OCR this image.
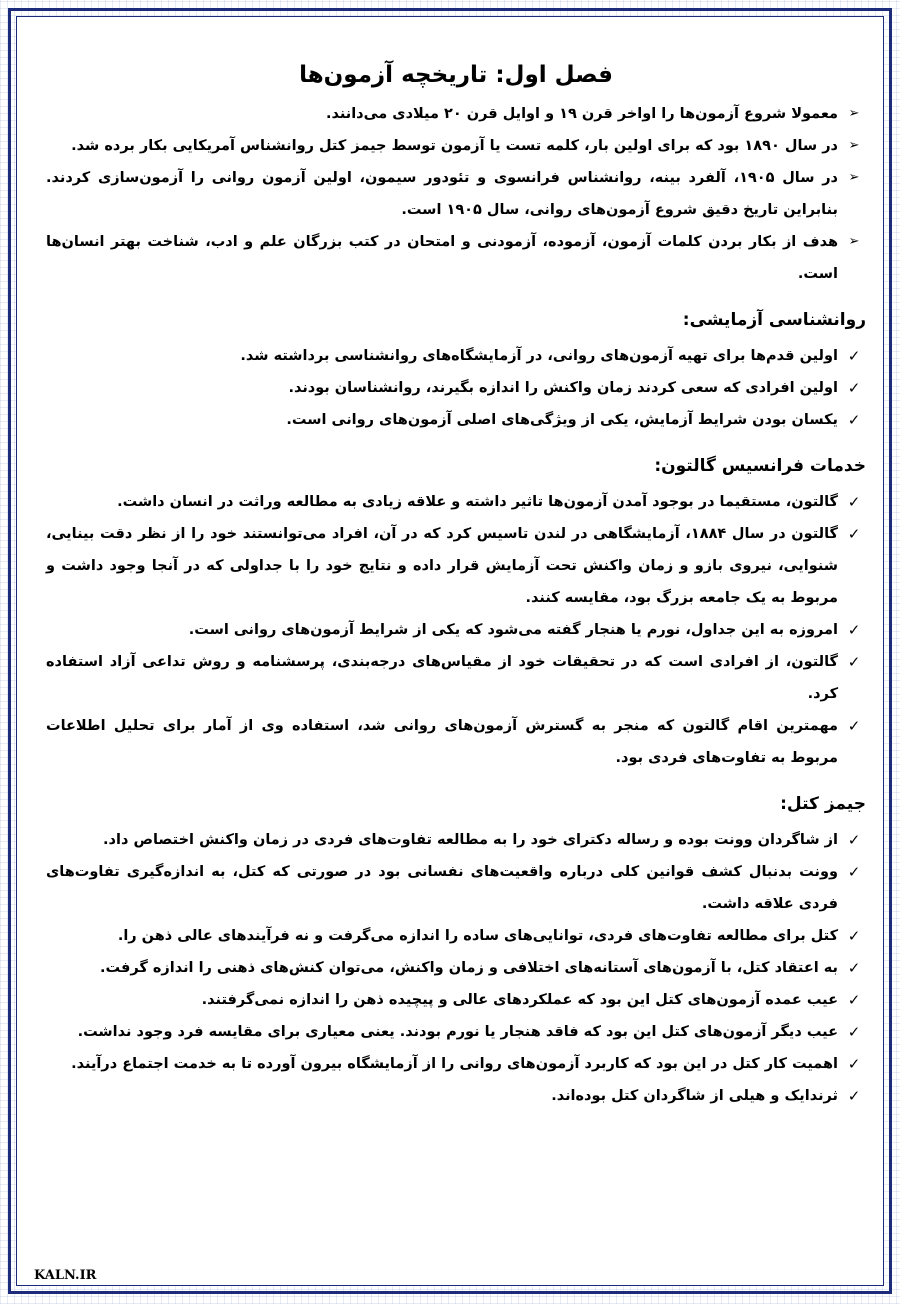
فصل اول: تاریخچه آزمون‌ها
➢
معمولا شروع آزمون‌ها را اواخر قرن ۱۹ و اوایل قرن ۲۰ میلادی می‌دانند.
➢
در سال ۱۸۹۰ بود که برای اولین بار، کلمه تست یا آزمون توسط جیمز کتل روانشناس آمریکایی بکار برده شد.
➢
در سال ۱۹۰۵، آلفرد بینه، روانشناس فرانسوی و تئودور سیمون، اولین آزمون روانی را آزمون‌سازی کردند. بنابراین تاریخ دقیق شروع آزمون‌های روانی، سال ۱۹۰۵ است.
➢
هدف از بکار بردن کلمات آزمون، آزموده، آزمودنی و امتحان در کتب بزرگان علم و ادب، شناخت بهتر انسان‌ها است.
روانشناسی آزمایشی:
✓
اولین قدم‌ها برای تهیه آزمون‌های روانی، در آزمایشگاه‌های روانشناسی برداشته شد.
✓
اولین افرادی که سعی کردند زمان واکنش را اندازه بگیرند، روانشناسان بودند.
✓
یکسان بودن شرایط آزمایش، یکی از ویژگی‌های اصلی آزمون‌های روانی است.
خدمات فرانسیس گالتون:
✓
گالتون، مستقیما در بوجود آمدن آزمون‌ها تاثیر داشته و علاقه زیادی به مطالعه وراثت در انسان داشت.
✓
گالتون در سال ۱۸۸۴، آزمایشگاهی در لندن تاسیس کرد که در آن، افراد می‌توانستند خود را از نظر دقت بینایی، شنوایی، نیروی بازو و زمان واکنش تحت آزمایش قرار داده و نتایج خود را با جداولی که در آنجا وجود داشت و مربوط به یک جامعه بزرگ بود، مقایسه کنند.
✓
امروزه به این جداول، نورم یا هنجار گفته می‌شود که یکی از شرایط آزمون‌های روانی است.
✓
گالتون، از افرادی است که در تحقیقات خود از مقیاس‌های درجه‌بندی، پرسشنامه و روش تداعی آزاد استفاده کرد.
✓
مهمترین اقام گالتون که منجر به گسترش آزمون‌های روانی شد، استفاده وی از آمار برای تحلیل اطلاعات مربوط به تفاوت‌های فردی بود.
جیمز کتل:
✓
از شاگردان وونت بوده و رساله دکترای خود را به مطالعه تفاوت‌های فردی در زمان واکنش اختصاص داد.
✓
وونت بدنبال کشف قوانین کلی درباره واقعیت‌های نفسانی بود در صورتی که کتل، به اندازه‌گیری تفاوت‌های فردی علاقه داشت.
✓
کتل برای مطالعه تفاوت‌های فردی، توانایی‌های ساده را اندازه می‌گرفت و نه فرآیندهای عالی ذهن را.
✓
به اعتقاد کتل، با آزمون‌های آستانه‌های اختلافی و زمان واکنش، می‌توان کنش‌های ذهنی را اندازه گرفت.
✓
عیب عمده آزمون‌های کتل این بود که عملکردهای عالی و پیچیده ذهن را اندازه نمی‌گرفتند.
✓
عیب دیگر آزمون‌های کتل این بود که فاقد هنجار یا نورم بودند. یعنی معیاری برای مقایسه فرد وجود نداشت.
✓
اهمیت کار کتل در این بود که کاربرد آزمون‌های روانی را از آزمایشگاه بیرون آورده تا به خدمت اجتماع درآیند.
✓
ثرندایک و هیلی از شاگردان کتل بوده‌اند.
KALN.IR
